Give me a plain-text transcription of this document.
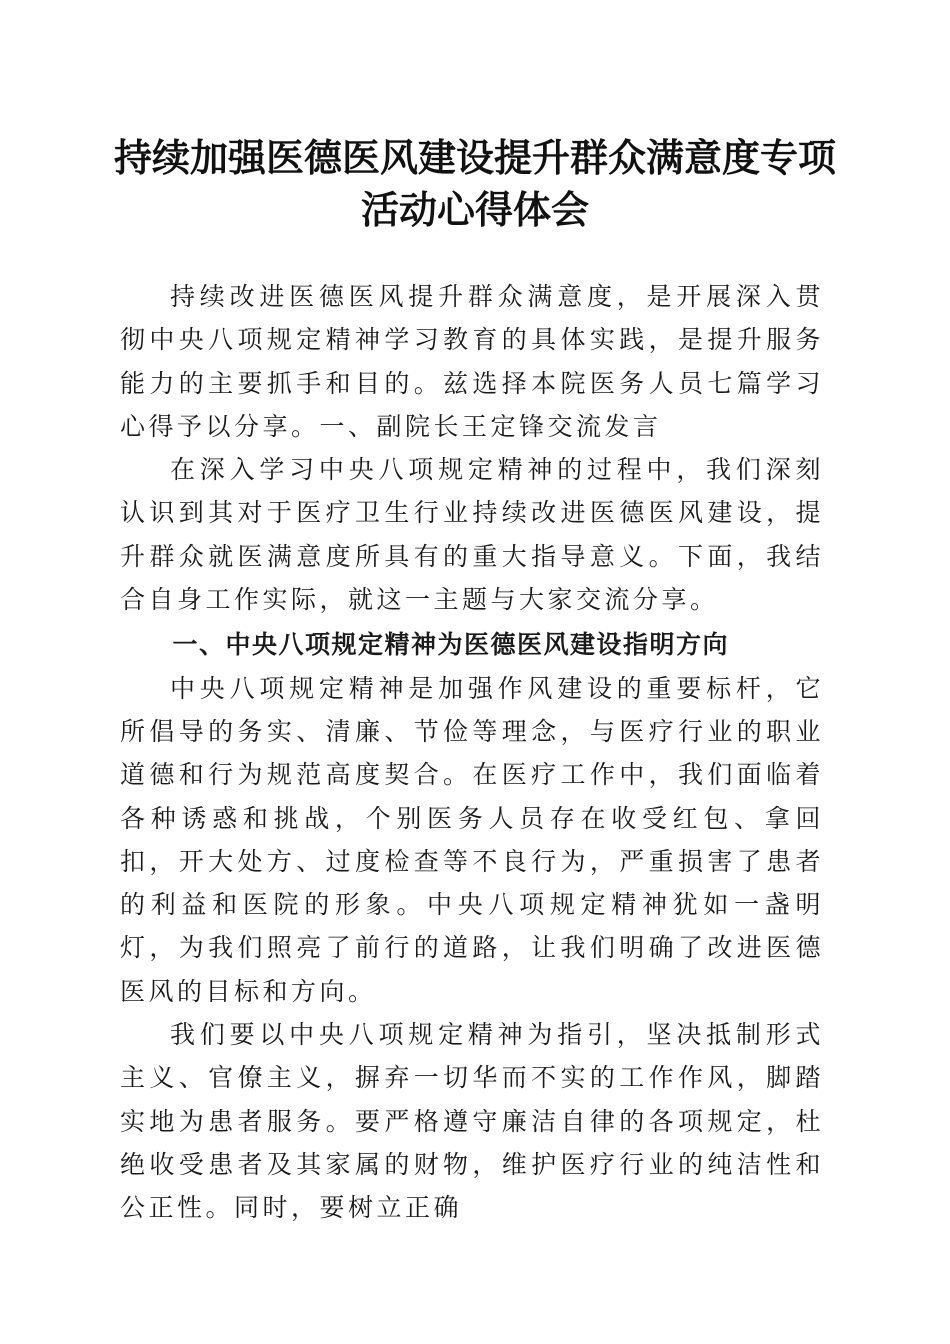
持续加强医德医风建设提升群众满意度专项活动心得体会

持续改进医德医风提升群众满意度，是开展深入贯彻中央八项规定精神学习教育的具体实践，是提升服务能力的主要抓手和目的。兹选择本院医务人员七篇学习心得予以分享。一、副院长王定锋交流发言

在深入学习中央八项规定精神的过程中，我们深刻认识到其对于医疗卫生行业持续改进医德医风建设，提升群众就医满意度所具有的重大指导意义。下面，我结合自身工作实际，就这一主题与大家交流分享。

一、中央八项规定精神为医德医风建设指明方向

中央八项规定精神是加强作风建设的重要标杆，它所倡导的务实、清廉、节俭等理念，与医疗行业的职业道德和行为规范高度契合。在医疗工作中，我们面临着各种诱惑和挑战，个别医务人员存在收受红包、拿回扣，开大处方、过度检查等不良行为，严重损害了患者的利益和医院的形象。中央八项规定精神犹如一盏明灯，为我们照亮了前行的道路，让我们明确了改进医德医风的目标和方向。

我们要以中央八项规定精神为指引，坚决抵制形式主义、官僚主义，摒弃一切华而不实的工作作风，脚踏实地为患者服务。要严格遵守廉洁自律的各项规定，杜绝收受患者及其家属的财物，维护医疗行业的纯洁性和公正性。同时，要树立正确
